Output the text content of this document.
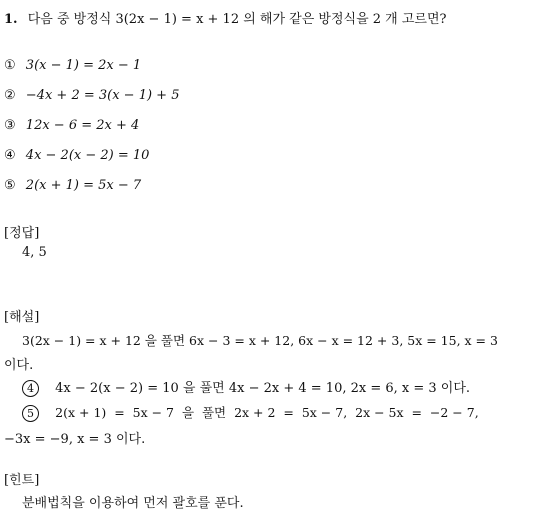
1. 다음 중 방정식 3(2x − 1) = x + 12 의 해가 같은 방정식을 2 개 고르면?
① 3(x − 1) = 2x − 1
② −4x + 2 = 3(x − 1) + 5
③ 12x − 6 = 2x + 4
④ 4x − 2(x − 2) = 10
⑤ 2(x + 1) = 5x − 7
[정답]
4, 5
[해설]
3(2x − 1) = x + 12 을 풀면 6x − 3 = x + 12, 6x − x = 12 + 3, 5x = 15, x = 3
이다.
4 4x − 2(x − 2) = 10 을 풀면 4x − 2x + 4 = 10, 2x = 6, x = 3 이다.
5 2(x + 1)  =  5x − 7  을  풀면  2x + 2  =  5x − 7,  2x − 5x  =  −2 − 7,
−3x = −9, x = 3 이다.
[힌트]
분배법칙을 이용하여 먼저 괄호를 푼다.
